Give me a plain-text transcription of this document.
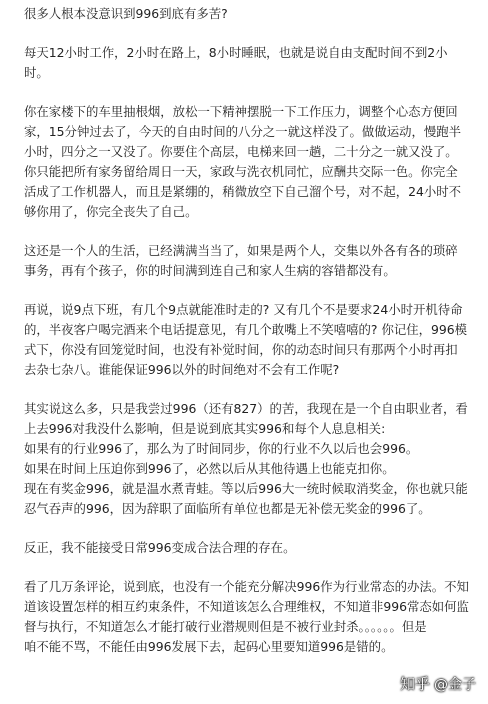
很多人根本没意识到996到底有多苦?

每天12小时工作，2小时在路上，8小时睡眠，也就是说自由支配时间不到2小
时。

你在家楼下的车里抽根烟，放松一下精神摆脱一下工作压力，调整个心态方便回
家，15分钟过去了，今天的自由时间的八分之一就这样没了。做做运动，慢跑半
小时，四分之一又没了。你要住个高层，电梯来回一趟，二十分之一就又没了。
你只能把所有家务留给周日一天，家政与洗衣机同忙，应酬共交际一色。你完全
活成了工作机器人，而且是紧绷的，稍微放空下自己溜个号，对不起，24小时不
够你用了，你完全丧失了自己。

这还是一个人的生活，已经满满当当了，如果是两个人，交集以外各有各的琐碎
事务，再有个孩子，你的时间满到连自己和家人生病的容错都没有。

再说，说9点下班，有几个9点就能准时走的? 又有几个不是要求24小时开机待命
的，半夜客户喝完酒来个电话提意见，有几个敢嘴上不笑嘻嘻的? 你记住，996模
式下，你没有回笼觉时间，也没有补觉时间，你的动态时间只有那两个小时再扣
去杂七杂八。谁能保证996以外的时间绝对不会有工作呢?

其实说这么多，只是我尝过996（还有827）的苦，我现在是一个自由职业者，看
上去996对我没什么影响，但是说到底其实996和每个人息息相关:
如果有的行业996了，那么为了时间同步，你的行业不久以后也会996。
如果在时间上压迫你到996了，必然以后从其他待遇上也能克扣你。
现在有奖金996，就是温水煮青蛙。等以后996大一统时候取消奖金，你也就只能
忍气吞声的996，因为辞职了面临所有单位也都是无补偿无奖金的996了。

反正，我不能接受日常996变成合法合理的存在。

看了几万条评论，说到底，也没有一个能充分解决996作为行业常态的办法。不知
道该设置怎样的相互约束条件，不知道该怎么合理维权，不知道非996常态如何监
督与执行，不知道怎么才能打破行业潜规则但是不被行业封杀。。。。。。但是
咱不能不骂，不能任由996发展下去，起码心里要知道996是错的。

知乎 @金子
